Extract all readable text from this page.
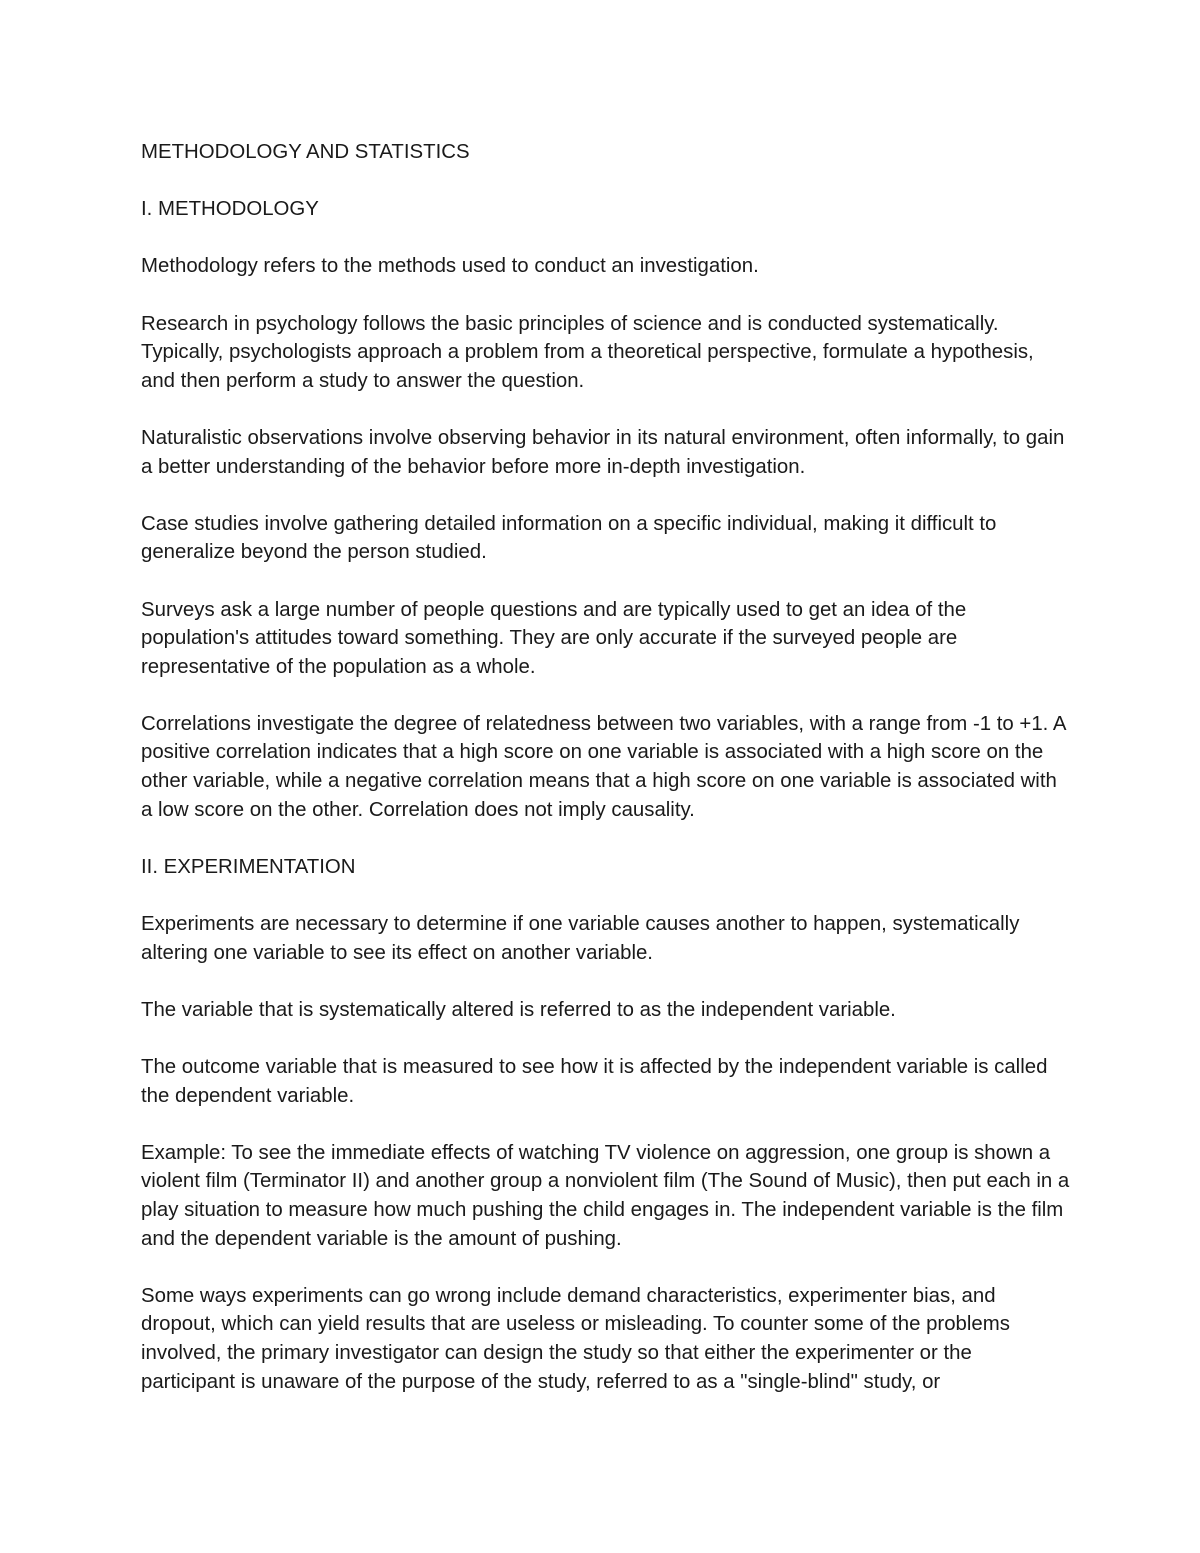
METHODOLOGY AND STATISTICS

I. METHODOLOGY

Methodology refers to the methods used to conduct an investigation.

Research in psychology follows the basic principles of science and is conducted systematically. Typically, psychologists approach a problem from a theoretical perspective, formulate a hypothesis, and then perform a study to answer the question.

Naturalistic observations involve observing behavior in its natural environment, often informally, to gain a better understanding of the behavior before more in-depth investigation.

Case studies involve gathering detailed information on a specific individual, making it difficult to generalize beyond the person studied.

Surveys ask a large number of people questions and are typically used to get an idea of the population's attitudes toward something. They are only accurate if the surveyed people are representative of the population as a whole.

Correlations investigate the degree of relatedness between two variables, with a range from -1 to +1. A positive correlation indicates that a high score on one variable is associated with a high score on the other variable, while a negative correlation means that a high score on one variable is associated with a low score on the other. Correlation does not imply causality.

II. EXPERIMENTATION

Experiments are necessary to determine if one variable causes another to happen, systematically altering one variable to see its effect on another variable.

The variable that is systematically altered is referred to as the independent variable.

The outcome variable that is measured to see how it is affected by the independent variable is called the dependent variable.

Example: To see the immediate effects of watching TV violence on aggression, one group is shown a violent film (Terminator II) and another group a nonviolent film (The Sound of Music), then put each in a play situation to measure how much pushing the child engages in. The independent variable is the film and the dependent variable is the amount of pushing.

Some ways experiments can go wrong include demand characteristics, experimenter bias, and dropout, which can yield results that are useless or misleading. To counter some of the problems involved, the primary investigator can design the study so that either the experimenter or the participant is unaware of the purpose of the study, referred to as a "single-blind" study, or
